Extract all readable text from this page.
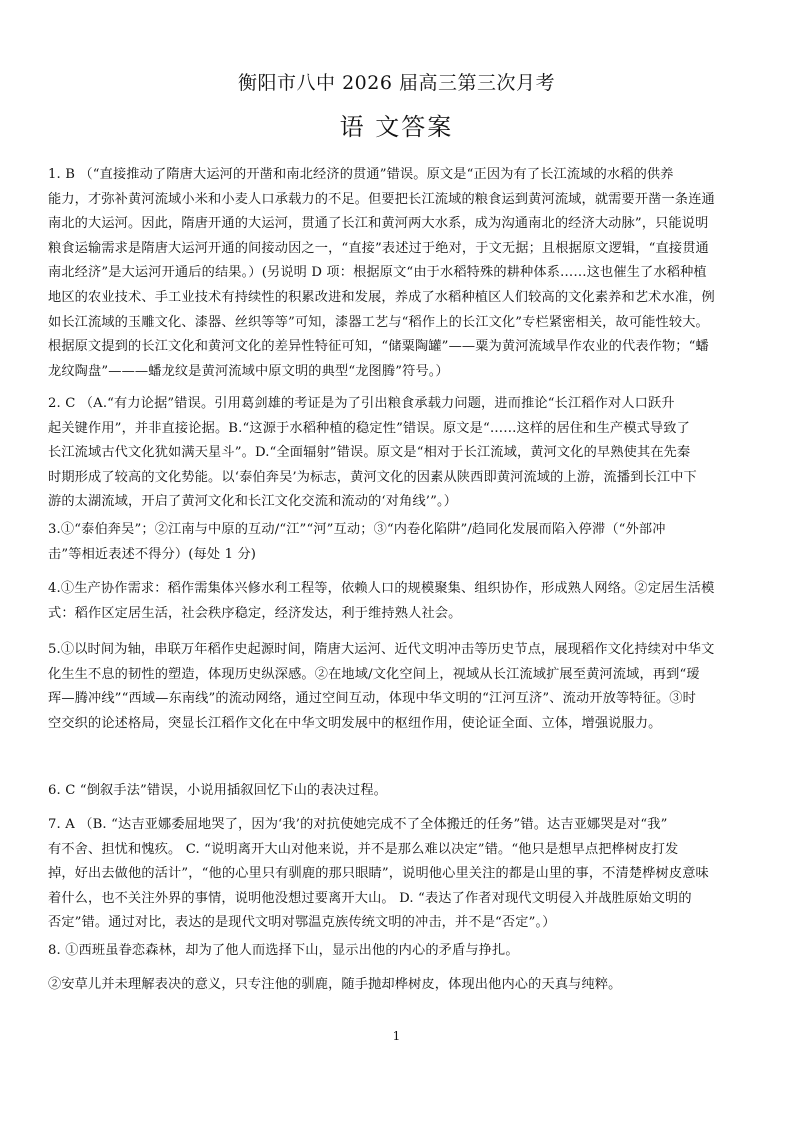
衡阳市八中 2026 届高三第三次月考
语 文答案
1. B （“直接推动了隋唐大运河的开凿和南北经济的贯通”错误。原文是“正因为有了长江流域的水稻的供养
能力，才弥补黄河流域小米和小麦人口承载力的不足。但要把长江流域的粮食运到黄河流域，就需要开凿一条连通
南北的大运河。因此，隋唐开通的大运河，贯通了长江和黄河两大水系，成为沟通南北的经济大动脉”，只能说明
粮食运输需求是隋唐大运河开通的间接动因之一，“直接”表述过于绝对，于文无据；且根据原文逻辑，“直接贯通
南北经济”是大运河开通后的结果。）(另说明 D 项：根据原文“由于水稻特殊的耕种体系……这也催生了水稻种植
地区的农业技术、手工业技术有持续性的积累改进和发展，养成了水稻种植区人们较高的文化素养和艺术水准，例
如长江流域的玉雕文化、漆器、丝织等等”可知，漆器工艺与“稻作上的长江文化”专栏紧密相关，故可能性较大。
根据原文提到的长江文化和黄河文化的差异性特征可知，“储粟陶罐”——粟为黄河流域旱作农业的代表作物；“蟠
龙纹陶盘”———蟠龙纹是黄河流域中原文明的典型“龙图腾”符号。）
2. C （A.“有力论据”错误。引用葛剑雄的考证是为了引出粮食承载力问题，进而推论“长江稻作对人口跃升
起关键作用”，并非直接论据。B.“这源于水稻种植的稳定性”错误。原文是“……这样的居住和生产模式导致了
长江流域古代文化犹如满天星斗”。D.“全面辐射”错误。原文是“相对于长江流域，黄河文化的早熟使其在先秦
时期形成了较高的文化势能。以‘泰伯奔吴’为标志，黄河文化的因素从陕西即黄河流域的上游，流播到长江中下
游的太湖流域，开启了黄河文化和长江文化交流和流动的‘对角线’”。）
3.①“泰伯奔吴”；②江南与中原的互动/“江”“河”互动；③“内卷化陷阱”/趋同化发展而陷入停滞（“外部冲
击”等相近表述不得分）(每处 1 分)
4.①生产协作需求：稻作需集体兴修水利工程等，依赖人口的规模聚集、组织协作，形成熟人网络。②定居生活模
式：稻作区定居生活，社会秩序稳定，经济发达，利于维持熟人社会。
5.①以时间为轴，串联万年稻作史起源时间，隋唐大运河、近代文明冲击等历史节点，展现稻作文化持续对中华文
化生生不息的韧性的塑造，体现历史纵深感。②在地域/文化空间上，视域从长江流域扩展至黄河流域，再到“瑷
珲—腾冲线”“西域—东南线”的流动网络，通过空间互动，体现中华文明的“江河互济”、流动开放等特征。③时
空交织的论述格局，突显长江稻作文化在中华文明发展中的枢纽作用，使论证全面、立体，增强说服力。
6. C “倒叙手法”错误，小说用插叙回忆下山的表决过程。
7. A （B. “达吉亚娜委屈地哭了，因为‘我’的对抗使她完成不了全体搬迁的任务”错。达吉亚娜哭是对“我”
有不舍、担忧和愧疚。 C. “说明离开大山对他来说，并不是那么难以决定”错。“他只是想早点把桦树皮打发
掉，好出去做他的活计”，“他的心里只有驯鹿的那只眼睛”，说明他心里关注的都是山里的事，不清楚桦树皮意味
着什么，也不关注外界的事情，说明他没想过要离开大山。 D. “表达了作者对现代文明侵入并战胜原始文明的
否定”错。通过对比，表达的是现代文明对鄂温克族传统文明的冲击，并不是“否定”。）
8. ①西班虽眷恋森林，却为了他人而选择下山，显示出他的内心的矛盾与挣扎。
②安草儿并未理解表决的意义，只专注他的驯鹿，随手抛却桦树皮，体现出他内心的天真与纯粹。
1
